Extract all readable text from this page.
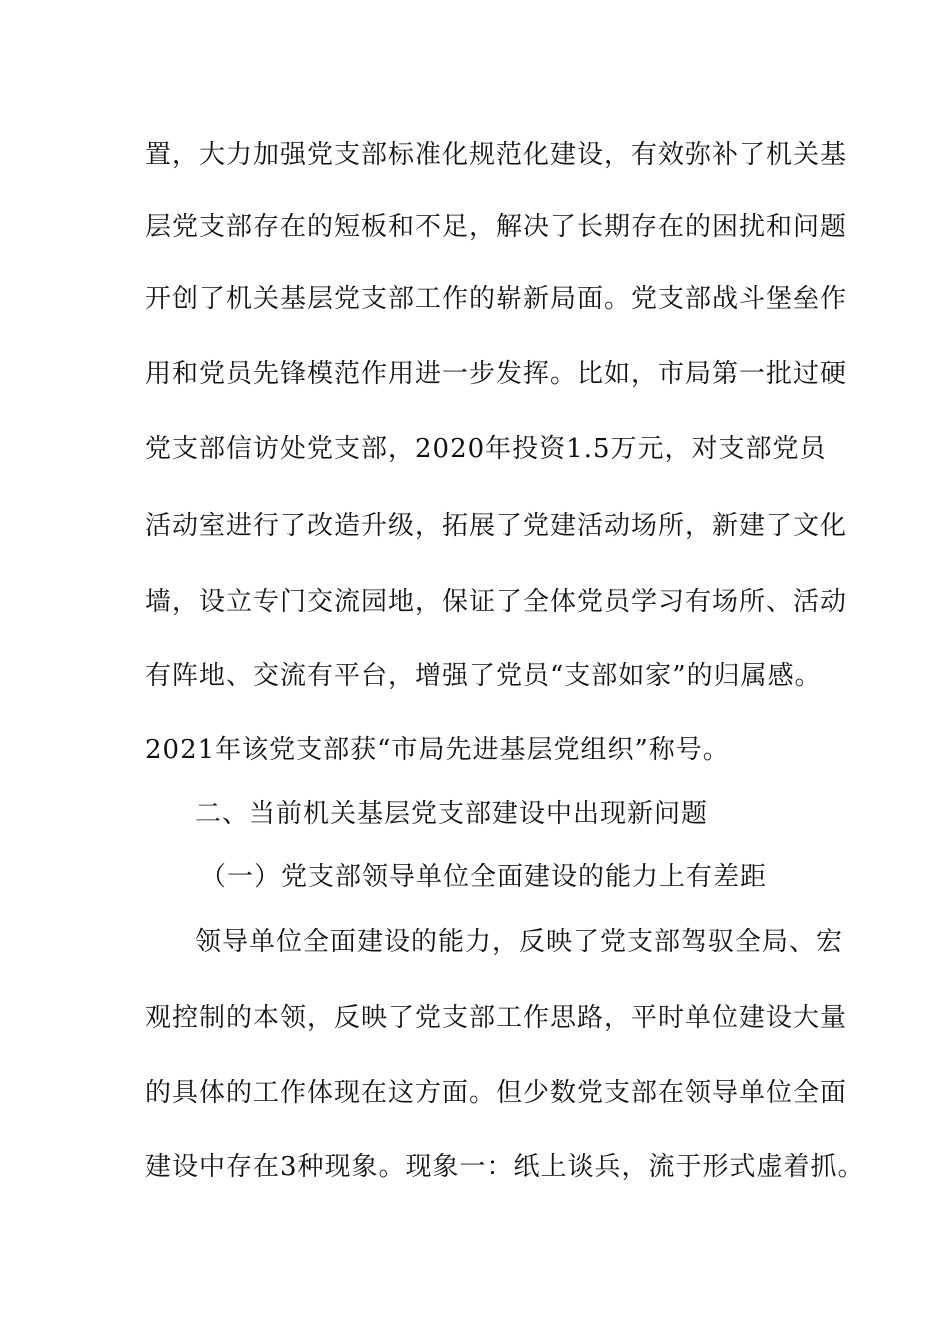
置，大力加强党支部标准化规范化建设，有效弥补了机关基
层党支部存在的短板和不足，解决了长期存在的困扰和问题
开创了机关基层党支部工作的崭新局面。党支部战斗堡垒作
用和党员先锋模范作用进一步发挥。比如，市局第一批过硬
党支部信访处党支部，2020年投资1.5万元，对支部党员
活动室进行了改造升级，拓展了党建活动场所，新建了文化
墙，设立专门交流园地，保证了全体党员学习有场所、活动
有阵地、交流有平台，增强了党员“支部如家”的归属感。
2021年该党支部获“市局先进基层党组织”称号。
二、当前机关基层党支部建设中出现新问题
（一）党支部领导单位全面建设的能力上有差距
领导单位全面建设的能力，反映了党支部驾驭全局、宏
观控制的本领，反映了党支部工作思路，平时单位建设大量
的具体的工作体现在这方面。但少数党支部在领导单位全面
建设中存在3种现象。现象一：纸上谈兵，流于形式虚着抓。
